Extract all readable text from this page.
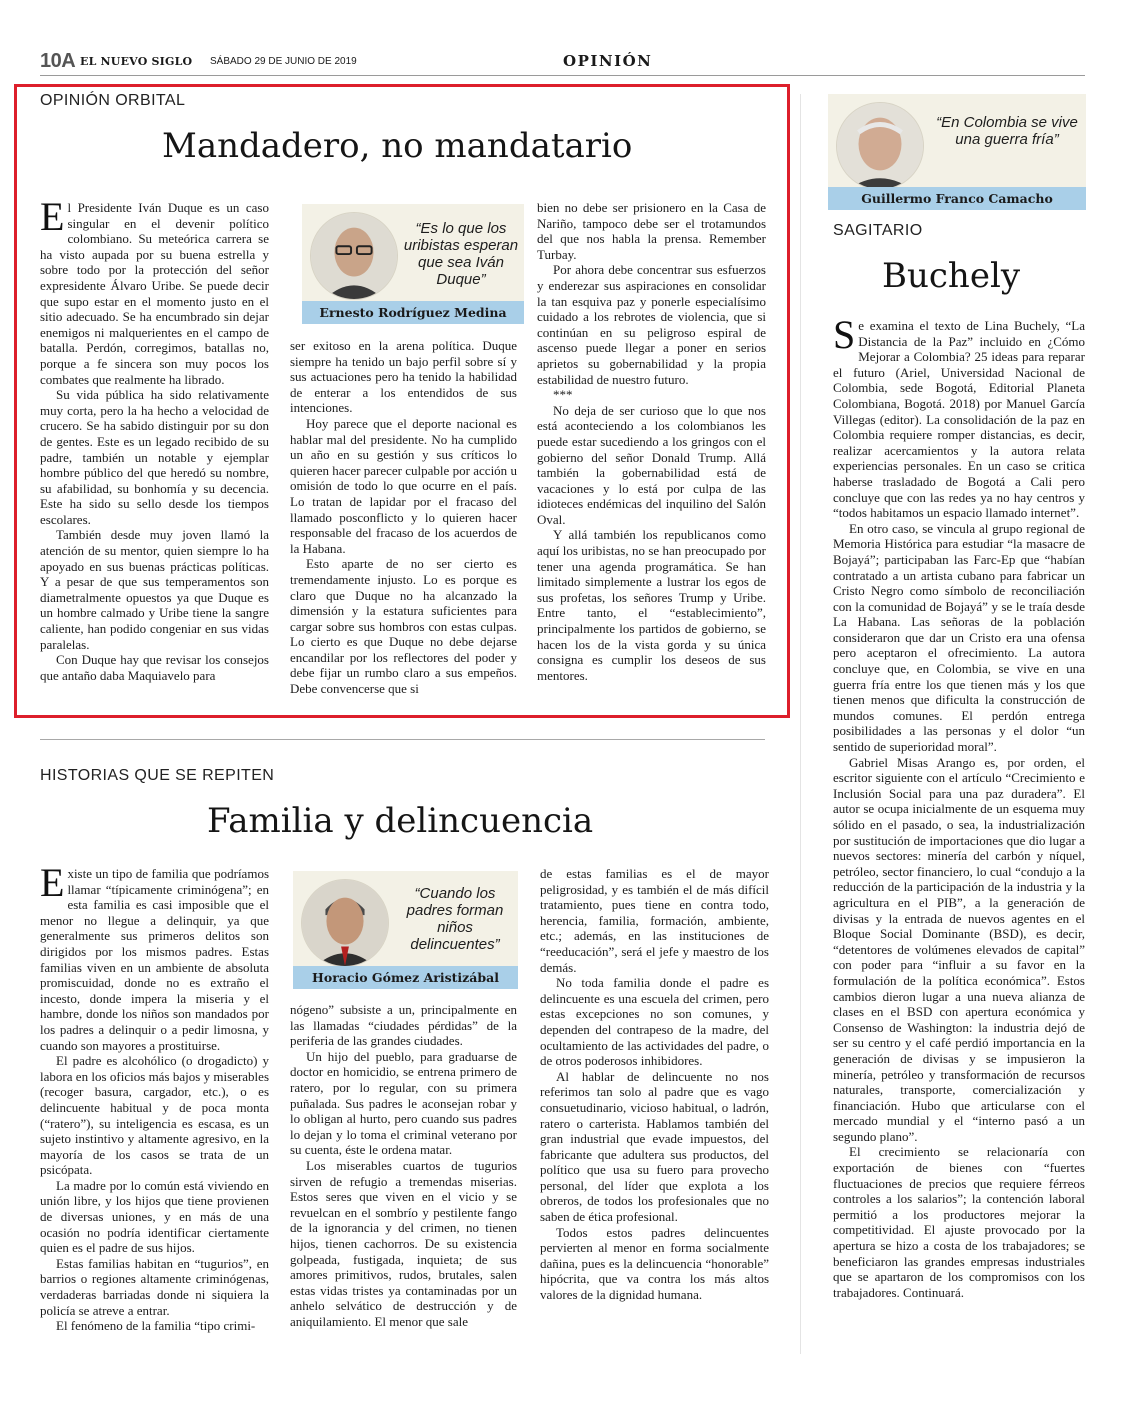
10A EL NUEVO SIGLO SÁBADO 29 DE JUNIO DE 2019	OPINIÓN
OPINIÓN ORBITAL
Mandadero, no mandatario

El Presidente Iván Duque es un caso singular en el devenir político colombiano. Su meteórica carrera se ha visto aupada por su buena estrella y sobre todo por la protección del señor expresidente Álvaro Uribe. Se puede decir que supo estar en el momento justo en el sitio adecuado. Se ha encumbrado sin dejar enemigos ni malquerientes en el campo de batalla. Perdón, corregimos, batallas no, porque a fe sincera son muy pocos los combates que realmente ha librado.

Su vida pública ha sido relativamente muy corta, pero la ha hecho a velocidad de crucero. Se ha sabido distinguir por su don de gentes. Este es un legado recibido de su padre, también un notable y ejemplar hombre público del que heredó su nombre, su afabilidad, su bonhomía y su decencia. Este ha sido su sello desde los tiempos escolares.

También desde muy joven llamó la atención de su mentor, quien siempre lo ha apoyado en sus buenas prácticas políticas. Y a pesar de que sus temperamentos son diametralmente opuestos ya que Duque es un hombre calmado y Uribe tiene la sangre caliente, han podido congeniar en sus vidas paralelas.

Con Duque hay que revisar los consejos que antaño daba Maquiavelo para

“Es lo que los uribistas esperan que sea Iván Duque”
Ernesto Rodríguez Medina

ser exitoso en la arena política. Duque siempre ha tenido un bajo perfil sobre sí y sus actuaciones pero ha tenido la habilidad de enterar a los entendidos de sus intenciones.

Hoy parece que el deporte nacional es hablar mal del presidente. No ha cumplido un año en su gestión y sus críticos lo quieren hacer parecer culpable por acción u omisión de todo lo que ocurre en el país. Lo tratan de lapidar por el fracaso del llamado posconflicto y lo quieren hacer responsable del fracaso de los acuerdos de la Habana.

Esto aparte de no ser cierto es tremendamente injusto. Lo es porque es claro que Duque no ha alcanzado la dimensión y la estatura suficientes para cargar sobre sus hombros con estas culpas. Lo cierto es que Duque no debe dejarse encandilar por los reflectores del poder y debe fijar un rumbo claro a sus empeños. Debe convencerse que si

bien no debe ser prisionero en la Casa de Nariño, tampoco debe ser el trotamundos del que nos habla la prensa. Remember Turbay.

Por ahora debe concentrar sus esfuerzos y enderezar sus aspiraciones en consolidar la tan esquiva paz y ponerle especialísimo cuidado a los rebrotes de violencia, que si continúan en su peligroso espiral de ascenso puede llegar a poner en serios aprietos su gobernabilidad y la propia estabilidad de nuestro futuro.

***

No deja de ser curioso que lo que nos está aconteciendo a los colombianos les puede estar sucediendo a los gringos con el gobierno del señor Donald Trump. Allá también la gobernabilidad está de vacaciones y lo está por culpa de las idioteces endémicas del inquilino del Salón Oval.

Y allá también los republicanos como aquí los uribistas, no se han preocupado por tener una agenda programática. Se han limitado simplemente a lustrar los egos de sus profetas, los señores Trump y Uribe. Entre tanto, el “establecimiento”, principalmente los partidos de gobierno, se hacen los de la vista gorda y su única consigna es cumplir los deseos de sus mentores.

HISTORIAS QUE SE REPITEN
Familia y delincuencia

Existe un tipo de familia que podríamos llamar “típicamente criminógena”; en esta familia es casi imposible que el menor no llegue a delinquir, ya que generalmente sus primeros delitos son dirigidos por los mismos padres. Estas familias viven en un ambiente de absoluta promiscuidad, donde no es extraño el incesto, donde impera la miseria y el hambre, donde los niños son mandados por los padres a delinquir o a pedir limosna, y cuando son mayores a prostituirse.

El padre es alcohólico (o drogadicto) y labora en los oficios más bajos y miserables (recoger basura, cargador, etc.), o es delincuente habitual y de poca monta (“ratero”), su inteligencia es escasa, es un sujeto instintivo y altamente agresivo, en la mayoría de los casos se trata de un psicópata.

La madre por lo común está viviendo en unión libre, y los hijos que tiene provienen de diversas uniones, y en más de una ocasión no podría identificar ciertamente quien es el padre de sus hijos.

Estas familias habitan en “tugurios”, en barrios o regiones altamente criminógenas, verdaderas barriadas donde ni siquiera la policía se atreve a entrar.

El fenómeno de la familia “tipo crimi-

“Cuando los padres forman niños delincuentes”
Horacio Gómez Aristizábal

nógeno” subsiste a un, principalmente en las llamadas “ciudades pérdidas” de la periferia de las grandes ciudades.

Un hijo del pueblo, para graduarse de doctor en homicidio, se entrena primero de ratero, por lo regular, con su primera puñalada. Sus padres le aconsejan robar y lo obligan al hurto, pero cuando sus padres lo dejan y lo toma el criminal veterano por su cuenta, éste le ordena matar.

Los miserables cuartos de tugurios sirven de refugio a tremendas miserias. Estos seres que viven en el vicio y se revuelcan en el sombrío y pestilente fango de la ignorancia y del crimen, no tienen hijos, tienen cachorros. De su existencia golpeada, fustigada, inquieta; de sus amores primitivos, rudos, brutales, salen estas vidas tristes ya contaminadas por un anhelo selvático de destrucción y de aniquilamiento. El menor que sale

de estas familias es el de mayor peligrosidad, y es también el de más difícil tratamiento, pues tiene en contra todo, herencia, familia, formación, ambiente, etc.; además, en las instituciones de “reeducación”, será el jefe y maestro de los demás.

No toda familia donde el padre es delincuente es una escuela del crimen, pero estas excepciones no son comunes, y dependen del contrapeso de la madre, del ocultamiento de las actividades del padre, o de otros poderosos inhibidores.

Al hablar de delincuente no nos referimos tan solo al padre que es vago consuetudinario, vicioso habitual, o ladrón, ratero o carterista. Hablamos también del gran industrial que evade impuestos, del fabricante que adultera sus productos, del político que usa su fuero para provecho personal, del líder que explota a los obreros, de todos los profesionales que no saben de ética profesional.

Todos estos padres delincuentes pervierten al menor en forma socialmente dañina, pues es la delincuencia “honorable” hipócrita, que va contra los más altos valores de la dignidad humana.

“En Colombia se vive una guerra fría”
Guillermo Franco Camacho
SAGITARIO
Buchely

Se examina el texto de Lina Buchely, “La Distancia de la Paz” incluido en ¿Cómo Mejorar a Colombia? 25 ideas para reparar el futuro (Ariel, Universidad Nacional de Colombia, sede Bogotá, Editorial Planeta Colombiana, Bogotá. 2018) por Manuel García Villegas (editor). La consolidación de la paz en Colombia requiere romper distancias, es decir, realizar acercamientos y la autora relata experiencias personales. En un caso se critica haberse trasladado de Bogotá a Cali pero concluye que con las redes ya no hay centros y “todos habitamos un espacio llamado internet”.

En otro caso, se vincula al grupo regional de Memoria Histórica para estudiar “la masacre de Bojayá”; participaban las Farc-Ep que “habían contratado a un artista cubano para fabricar un Cristo Negro como símbolo de reconciliación con la comunidad de Bojayá” y se le traía desde La Habana. Las señoras de la población consideraron que dar un Cristo era una ofensa pero aceptaron el ofrecimiento. La autora concluye que, en Colombia, se vive en una guerra fría entre los que tienen más y los que tienen menos que dificulta la construcción de mundos comunes. El perdón entrega posibilidades a las personas y el dolor “un sentido de superioridad moral”.

Gabriel Misas Arango es, por orden, el escritor siguiente con el artículo “Crecimiento e Inclusión Social para una paz duradera”. El autor se ocupa inicialmente de un esquema muy sólido en el pasado, o sea, la industrialización por sustitución de importaciones que dio lugar a nuevos sectores: minería del carbón y níquel, petróleo, sector financiero, lo cual “condujo a la reducción de la participación de la industria y la agricultura en el PIB”, a la generación de divisas y la entrada de nuevos agentes en el Bloque Social Dominante (BSD), es decir, “detentores de volúmenes elevados de capital” con poder para “influir a su favor en la formulación de la política económica”. Estos cambios dieron lugar a una nueva alianza de clases en el BSD con apertura económica y Consenso de Washington: la industria dejó de ser su centro y el café perdió importancia en la generación de divisas y se impusieron la minería, petróleo y transformación de recursos naturales, transporte, comercialización y financiación. Hubo que articularse con el mercado mundial y el “interno pasó a un segundo plano”.

El crecimiento se relacionaría con exportación de bienes con “fuertes fluctuaciones de precios que requiere férreos controles a los salarios”; la contención laboral permitió a los productores mejorar la competitividad. El ajuste provocado por la apertura se hizo a costa de los trabajadores; se beneficiaron las grandes empresas industriales que se apartaron de los compromisos con los trabajadores. Continuará.
